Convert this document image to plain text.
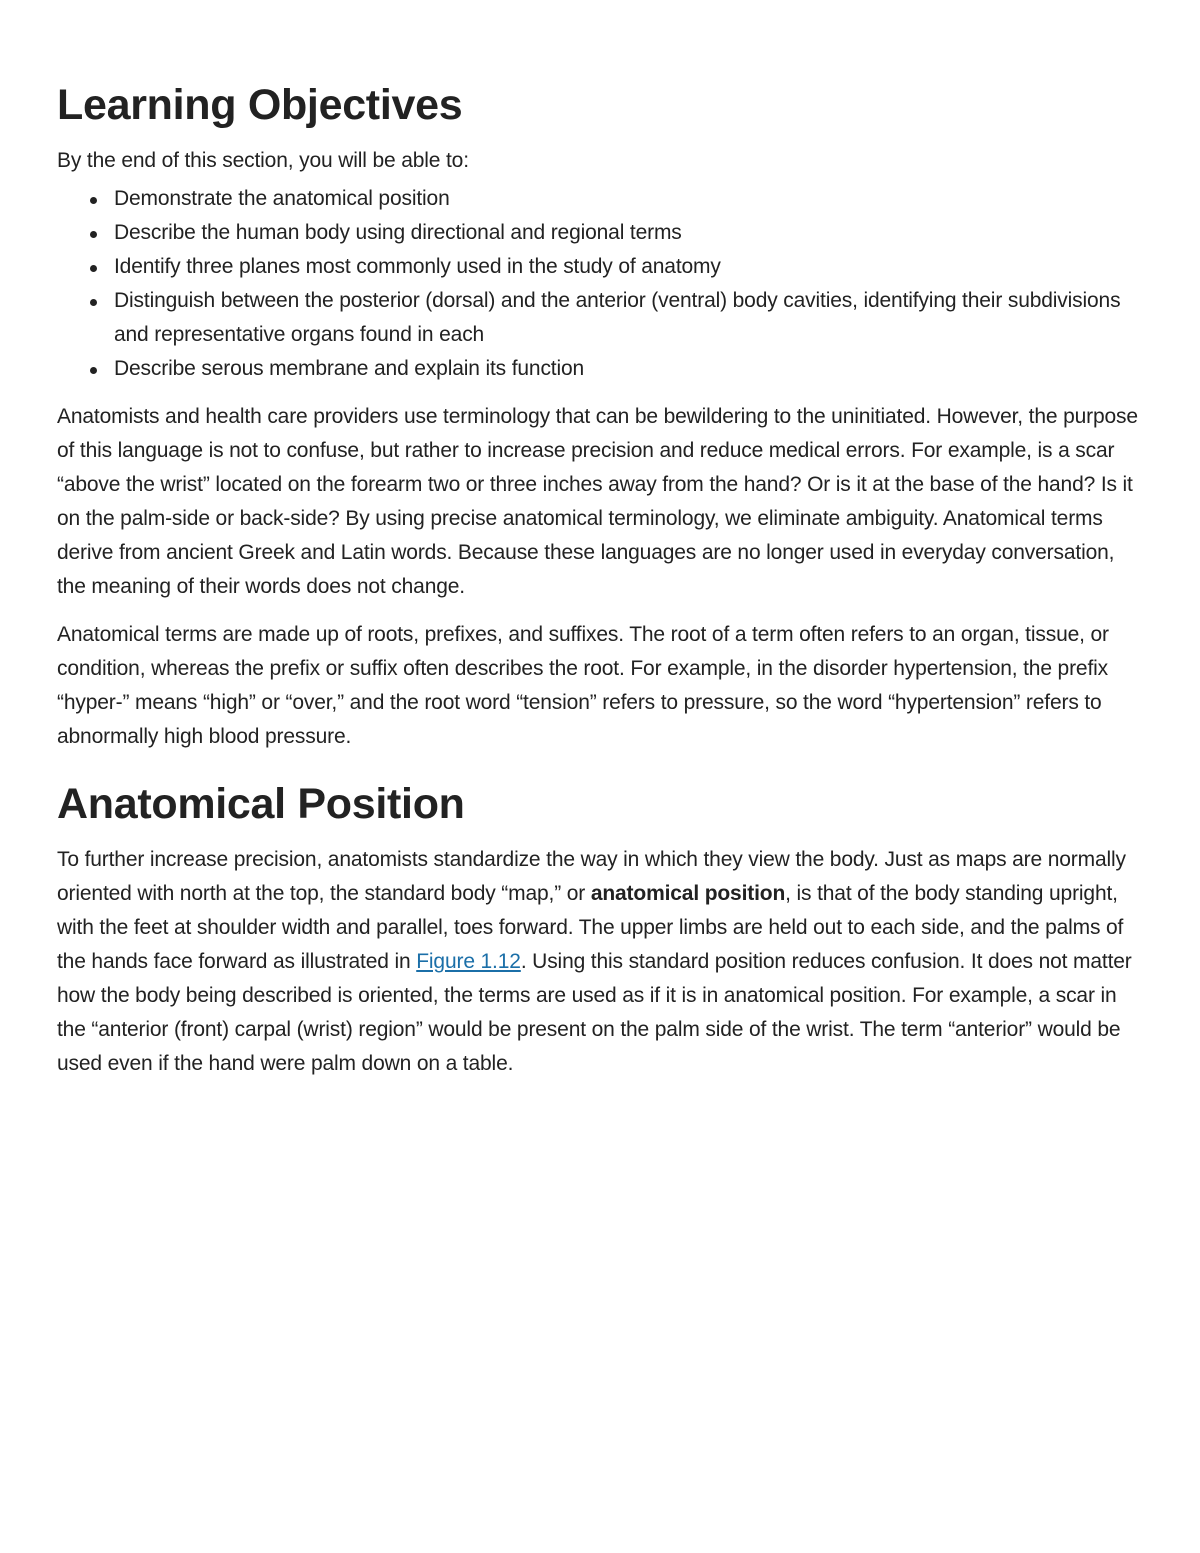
Learning Objectives

By the end of this section, you will be able to:

Demonstrate the anatomical position
Describe the human body using directional and regional terms
Identify three planes most commonly used in the study of anatomy
Distinguish between the posterior (dorsal) and the anterior (ventral) body cavities, identifying their subdivisions and representative organs found in each
Describe serous membrane and explain its function

Anatomists and health care providers use terminology that can be bewildering to the uninitiated. However, the purpose of this language is not to confuse, but rather to increase precision and reduce medical errors. For example, is a scar “above the wrist” located on the forearm two or three inches away from the hand? Or is it at the base of the hand? Is it on the palm-side or back-side? By using precise anatomical terminology, we eliminate ambiguity. Anatomical terms derive from ancient Greek and Latin words. Because these languages are no longer used in everyday conversation, the meaning of their words does not change.

Anatomical terms are made up of roots, prefixes, and suffixes. The root of a term often refers to an organ, tissue, or condition, whereas the prefix or suffix often describes the root. For example, in the disorder hypertension, the prefix “hyper-” means “high” or “over,” and the root word “tension” refers to pressure, so the word “hypertension” refers to abnormally high blood pressure.

Anatomical Position

To further increase precision, anatomists standardize the way in which they view the body. Just as maps are normally oriented with north at the top, the standard body “map,” or anatomical position, is that of the body standing upright, with the feet at shoulder width and parallel, toes forward. The upper limbs are held out to each side, and the palms of the hands face forward as illustrated in Figure 1.12. Using this standard position reduces confusion. It does not matter how the body being described is oriented, the terms are used as if it is in anatomical position. For example, a scar in the “anterior (front) carpal (wrist) region” would be present on the palm side of the wrist. The term “anterior” would be used even if the hand were palm down on a table.
